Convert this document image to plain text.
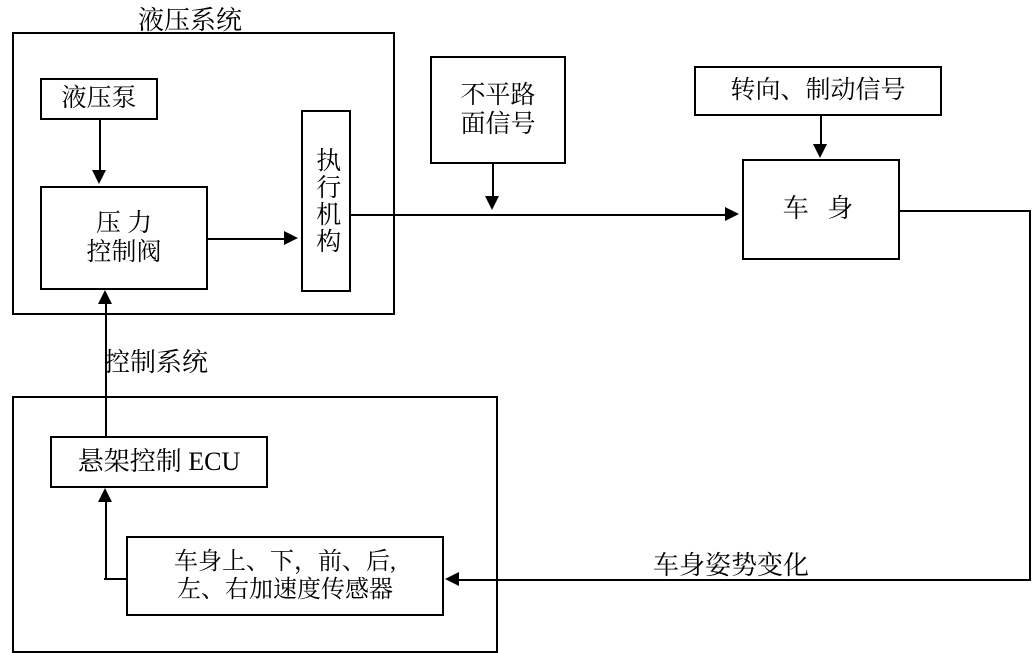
液压系统
控制系统
车身姿势变化
液压泵
压 力
控制阀	执行机构
不平路
面信号
转向、制动信号
车 身
悬架控制 ECU
车身上、下，前、后,
左、右加速度传感器
